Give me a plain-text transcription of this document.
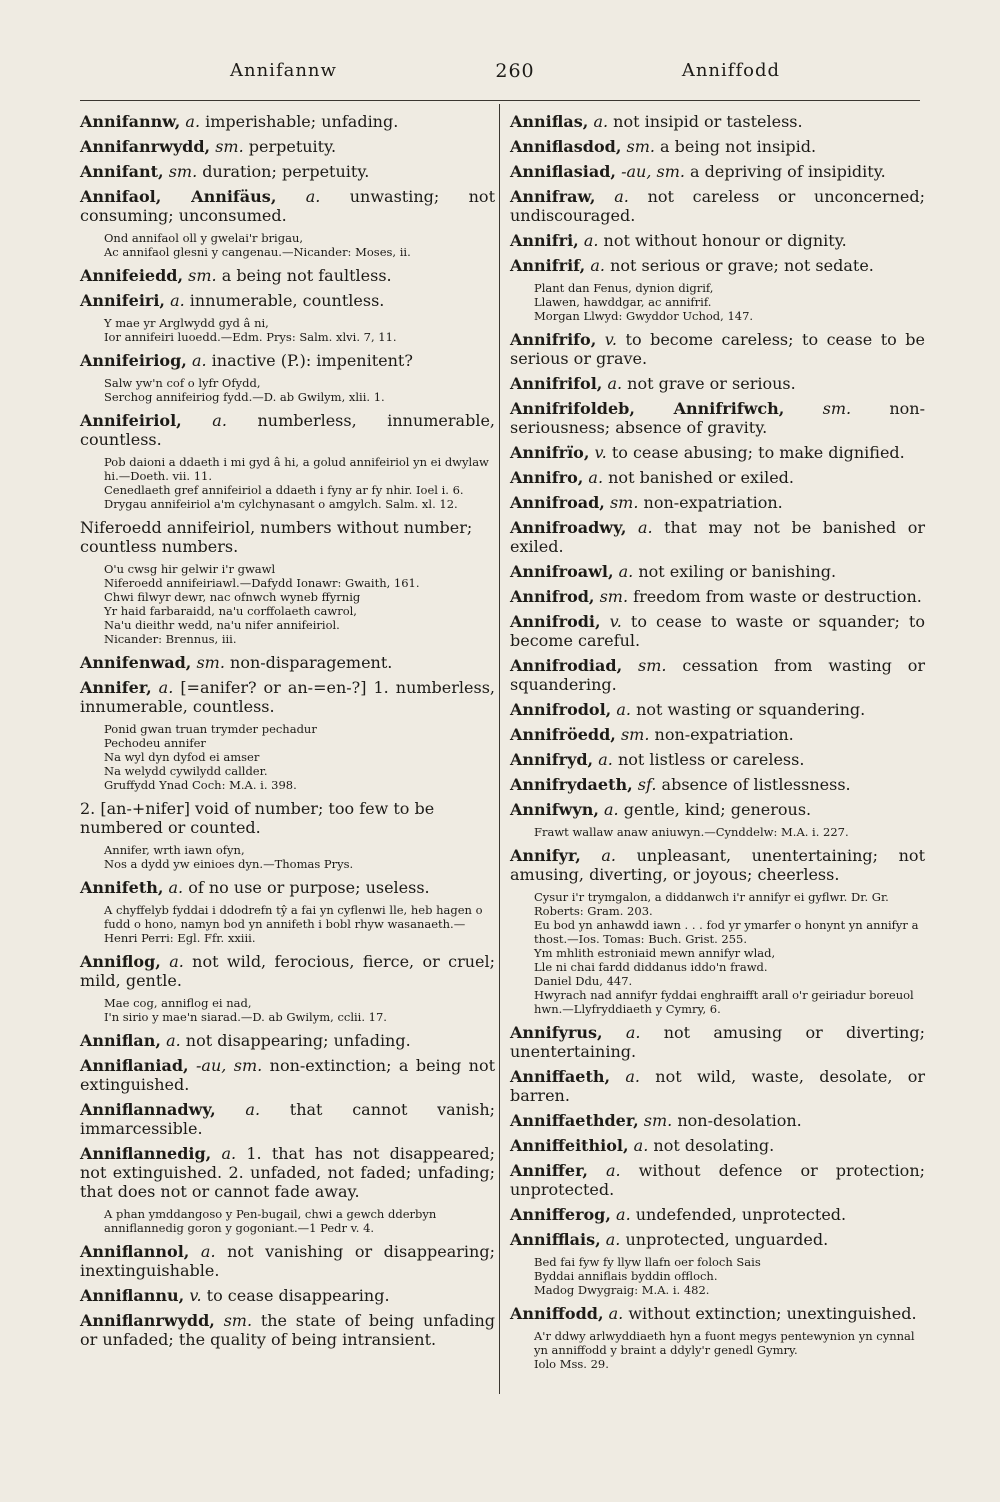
Annifannw	260	Anniffodd
Annifannw, a. imperishable; unfading.
Annifanrwydd, sm. perpetuity.
Annifant, sm. duration; perpetuity.
Annifaol, Annifäus, a. unwasting; not consuming; unconsumed.
Ond annifaol oll y gwelai'r brigau,
Ac annifaol glesni y cangenau.—Nicander: Moses, ii.
Annifeiedd, sm. a being not faultless.
Annifeiri, a. innumerable, countless.
Y mae yr Arglwydd gyd â ni,
Ior annifeiri luoedd.—Edm. Prys: Salm. xlvi. 7, 11.
Annifeiriog, a. inactive (P.): impenitent?
Salw yw'n cof o lyfr Ofydd,
Serchog annifeiriog fydd.—D. ab Gwilym, xlii. 1.
Annifeiriol, a. numberless, innumerable, countless.
Pob daioni a ddaeth i mi gyd â hi, a golud annifeiriol yn ei dwylaw hi.—Doeth. vii. 11.
Cenedlaeth gref annifeiriol a ddaeth i fyny ar fy nhir. Ioel i. 6.
Drygau annifeiriol a'm cylchynasant o amgylch. Salm. xl. 12.
Niferoedd annifeiriol, numbers without number; countless numbers.
O'u cwsg hir gelwir i'r gwawl
Niferoedd annifeiriawl.—Dafydd Ionawr: Gwaith, 161.
Chwi filwyr dewr, nac ofnwch wyneb ffyrnig
Yr haid farbaraidd, na'u corffolaeth cawrol,
Na'u dieithr wedd, na'u nifer annifeiriol.
Nicander: Brennus, iii.
Annifenwad, sm. non-disparagement.
Annifer, a. [=anifer? or an-=en-?] 1. numberless, innumerable, countless.
Ponid gwan truan trymder pechadur
Pechodeu annifer
Na wyl dyn dyfod ei amser
Na welydd cywilydd callder.
Gruffydd Ynad Coch: M.A. i. 398.
2. [an-+nifer] void of number; too few to be numbered or counted.
Annifer, wrth iawn ofyn,
Nos a dydd yw einioes dyn.—Thomas Prys.
Annifeth, a. of no use or purpose; useless.
A chyffelyb fyddai i ddodrefn tŷ a fai yn cyflenwi lle, heb hagen o fudd o hono, namyn bod yn annifeth i bobl rhyw wasanaeth.—Henri Perri: Egl. Ffr. xxiii.
Anniflog, a. not wild, ferocious, fierce, or cruel; mild, gentle.
Mae cog, anniflog ei nad,
I'n sirio y mae'n siarad.—D. ab Gwilym, cclii. 17.
Anniflan, a. not disappearing; unfading.
Anniflaniad, -au, sm. non-extinction; a being not extinguished.
Anniflannadwy, a. that cannot vanish; immarcessible.
Anniflannedig, a. 1. that has not disappeared; not extinguished. 2. unfaded, not faded; unfading; that does not or cannot fade away.
A phan ymddangoso y Pen-bugail, chwi a gewch dderbyn anniflannedig goron y gogoniant.—1 Pedr v. 4.
Anniflannol, a. not vanishing or disappearing; inextinguishable.
Anniflannu, v. to cease disappearing.
Anniflanrwydd, sm. the state of being unfading or unfaded; the quality of being intransient.
Anniflas, a. not insipid or tasteless.
Anniflasdod, sm. a being not insipid.
Anniflasiad, -au, sm. a depriving of insipidity.
Annifraw, a. not careless or unconcerned; undiscouraged.
Annifri, a. not without honour or dignity.
Annifrif, a. not serious or grave; not sedate.
Plant dan Fenus, dynion digrif,
Llawen, hawddgar, ac annifrif.
Morgan Llwyd: Gwyddor Uchod, 147.
Annifrifo, v. to become careless; to cease to be serious or grave.
Annifrifol, a. not grave or serious.
Annifrifoldeb, Annifrifwch, sm. non-seriousness; absence of gravity.
Annifrïo, v. to cease abusing; to make dignified.
Annifro, a. not banished or exiled.
Annifroad, sm. non-expatriation.
Annifroadwy, a. that may not be banished or exiled.
Annifroawl, a. not exiling or banishing.
Annifrod, sm. freedom from waste or destruction.
Annifrodi, v. to cease to waste or squander; to become careful.
Annifrodiad, sm. cessation from wasting or squandering.
Annifrodol, a. not wasting or squandering.
Annifröedd, sm. non-expatriation.
Annifryd, a. not listless or careless.
Annifrydaeth, sf. absence of listlessness.
Annifwyn, a. gentle, kind; generous.
Frawt wallaw anaw aniuwyn.—Cynddelw: M.A. i. 227.
Annifyr, a. unpleasant, unentertaining; not amusing, diverting, or joyous; cheerless.
Cysur i'r trymgalon, a diddanwch i'r annifyr ei gyflwr. Dr. Gr. Roberts: Gram. 203.
Eu bod yn anhawdd iawn . . . fod yr ymarfer o honynt yn annifyr a thost.—Ios. Tomas: Buch. Grist. 255.
Ym mhlith estroniaid mewn annifyr wlad,
Lle ni chai fardd diddanus iddo'n frawd.
Daniel Ddu, 447.
Hwyrach nad annifyr fyddai enghraifft arall o'r geiriadur boreuol hwn.—Llyfryddiaeth y Cymry, 6.
Annifyrus, a. not amusing or diverting; unentertaining.
Anniffaeth, a. not wild, waste, desolate, or barren.
Anniffaethder, sm. non-desolation.
Anniffeithiol, a. not desolating.
Anniffer, a. without defence or protection; unprotected.
Annifferog, a. undefended, unprotected.
Annifflais, a. unprotected, unguarded.
Bed fai fyw fy llyw llafn oer foloch Sais
Byddai anniflais byddin offloch.
Madog Dwygraig: M.A. i. 482.
Anniffodd, a. without extinction; unextinguished.
A'r ddwy arlwyddiaeth hyn a fuont megys pentewynion yn cynnal yn anniffodd y braint a ddyly'r genedl Gymry.
Iolo Mss. 29.
